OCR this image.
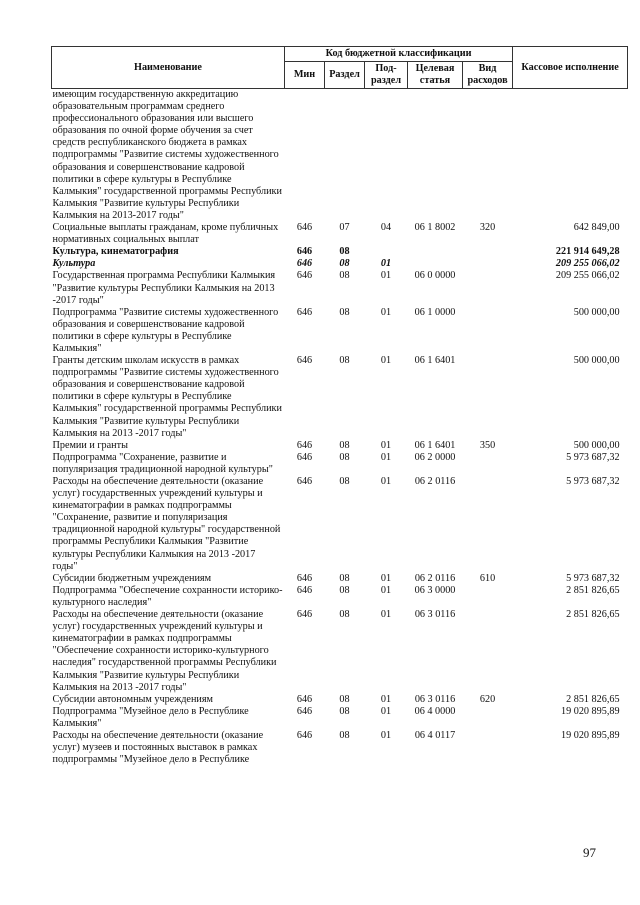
Наименование	Код бюджетной классификации					Кассовое исполнение
	Мин	Раздел	Под-раздел	Целевая статья	Вид расходов	
имеющим государственную аккредитацию образовательным программам среднего профессионального образования или высшего образования по очной форме обучения за счет средств республиканского бюджета в рамках подпрограммы "Развитие системы художественного образования и совершенствование кадровой политики в сфере культуры в Республике Калмыкия" государственной программы Республики Калмыкия "Развитие культуры Республики Калмыкия на 2013-2017 годы"						
Социальные выплаты гражданам, кроме публичных нормативных социальных выплат	646	07	04	06 1 8002	320	642 849,00
Культура, кинематография	646	08				221 914 649,28
Культура	646	08	01			209 255 066,02
Государственная программа Республики Калмыкия "Развитие культуры Республики Калмыкия на 2013 -2017 годы"	646	08	01	06 0 0000		209 255 066,02
Подпрограмма "Развитие системы художественного образования и совершенствование кадровой политики в сфере культуры в Республике Калмыкия"	646	08	01	06 1 0000		500 000,00
Гранты детским школам искусств в рамках подпрограммы "Развитие системы художественного образования и совершенствование кадровой политики в сфере культуры в Республике Калмыкия" государственной программы Республики Калмыкия "Развитие культуры Республики Калмыкия на 2013 -2017 годы"	646	08	01	06 1 6401		500 000,00
Премии и гранты	646	08	01	06 1 6401	350	500 000,00
Подпрограмма "Сохранение, развитие и популяризация традиционной народной культуры"	646	08	01	06 2 0000		5 973 687,32
Расходы на обеспечение деятельности (оказание услуг) государственных учреждений культуры и кинематографии в рамках подпрограммы "Сохранение, развитие и популяризация традиционной народной культуры" государственной программы Республики Калмыкия "Развитие культуры Республики Калмыкия на 2013 -2017 годы"	646	08	01	06 2 0116		5 973 687,32
Субсидии бюджетным учреждениям	646	08	01	06 2 0116	610	5 973 687,32
Подпрограмма "Обеспечение сохранности историко-культурного наследия"	646	08	01	06 3 0000		2 851 826,65
Расходы на обеспечение деятельности (оказание услуг) государственных учреждений культуры и кинематографии в рамках подпрограммы "Обеспечение сохранности историко-культурного наследия" государственной программы Республики Калмыкия "Развитие культуры Республики Калмыкия на 2013 -2017 годы"	646	08	01	06 3 0116		2 851 826,65
Субсидии автономным учреждениям	646	08	01	06 3 0116	620	2 851 826,65
Подпрограмма "Музейное дело в Республике Калмыкия"	646	08	01	06 4 0000		19 020 895,89
Расходы на обеспечение деятельности (оказание услуг) музеев и постоянных выставок в рамках подпрограммы "Музейное дело в Республике	646	08	01	06 4 0117		19 020 895,89
97
